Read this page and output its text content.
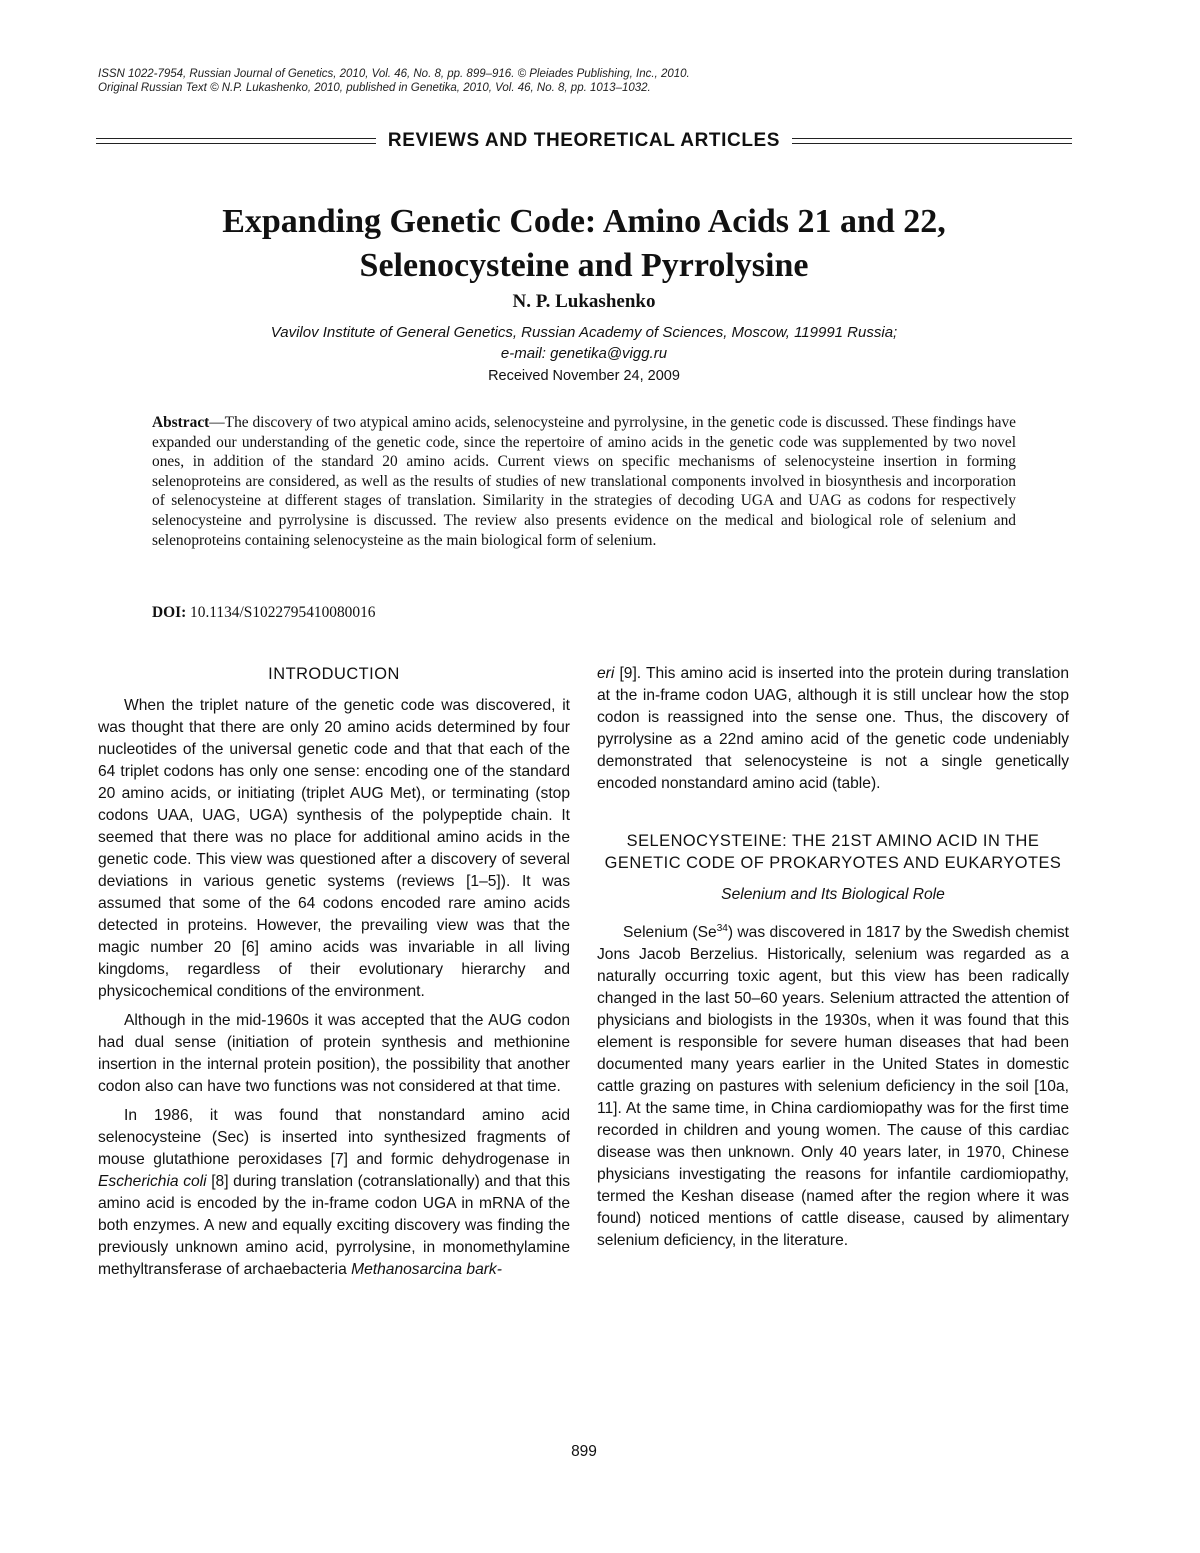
ISSN 1022-7954, Russian Journal of Genetics, 2010, Vol. 46, No. 8, pp. 899–916. © Pleiades Publishing, Inc., 2010.
Original Russian Text © N.P. Lukashenko, 2010, published in Genetika, 2010, Vol. 46, No. 8, pp. 1013–1032.
REVIEWS AND THEORETICAL ARTICLES
Expanding Genetic Code: Amino Acids 21 and 22,
Selenocysteine and Pyrrolysine
N. P. Lukashenko
Vavilov Institute of General Genetics, Russian Academy of Sciences, Moscow, 119991 Russia;
e-mail: genetika@vigg.ru
Received November 24, 2009
Abstract—The discovery of two atypical amino acids, selenocysteine and pyrrolysine, in the genetic code is discussed. These findings have expanded our understanding of the genetic code, since the repertoire of amino acids in the genetic code was supplemented by two novel ones, in addition of the standard 20 amino acids. Current views on specific mechanisms of selenocysteine insertion in forming selenoproteins are considered, as well as the results of studies of new translational components involved in biosynthesis and incorporation of selenocysteine at different stages of translation. Similarity in the strategies of decoding UGA and UAG as codons for respectively selenocysteine and pyrrolysine is discussed. The review also presents evidence on the medical and biological role of selenium and selenoproteins containing selenocysteine as the main biological form of selenium.
DOI: 10.1134/S1022795410080016
INTRODUCTION

When the triplet nature of the genetic code was discovered, it was thought that there are only 20 amino acids determined by four nucleotides of the universal genetic code and that that each of the 64 triplet codons has only one sense: encoding one of the standard 20 amino acids, or initiating (triplet AUG Met), or terminating (stop codons UAA, UAG, UGA) synthesis of the polypeptide chain. It seemed that there was no place for additional amino acids in the genetic code. This view was questioned after a discovery of several deviations in various genetic systems (reviews [1–5]). It was assumed that some of the 64 codons encoded rare amino acids detected in proteins. However, the prevailing view was that the magic number 20 [6] amino acids was invariable in all living kingdoms, regardless of their evolutionary hierarchy and physicochemical conditions of the environment.

Although in the mid-1960s it was accepted that the AUG codon had dual sense (initiation of protein synthesis and methionine insertion in the internal protein position), the possibility that another codon also can have two functions was not considered at that time.

In 1986, it was found that nonstandard amino acid selenocysteine (Sec) is inserted into synthesized fragments of mouse glutathione peroxidases [7] and formic dehydrogenase in Escherichia coli [8] during translation (cotranslationally) and that this amino acid is encoded by the in-frame codon UGA in mRNA of the both enzymes. A new and equally exciting discovery was finding the previously unknown amino acid, pyrrolysine, in monomethylamine methyltransferase of archaebacteria Methanosarcina bark-

eri [9]. This amino acid is inserted into the protein during translation at the in-frame codon UAG, although it is still unclear how the stop codon is reassigned into the sense one. Thus, the discovery of pyrrolysine as a 22nd amino acid of the genetic code undeniably demonstrated that selenocysteine is not a single genetically encoded nonstandard amino acid (table).

SELENOCYSTEINE: THE 21ST AMINO ACID IN THE GENETIC CODE OF PROKARYOTES AND EUKARYOTES
Selenium and Its Biological Role

Selenium (Se$^{34}$) was discovered in 1817 by the Swedish chemist Jons Jacob Berzelius. Historically, selenium was regarded as a naturally occurring toxic agent, but this view has been radically changed in the last 50–60 years. Selenium attracted the attention of physicians and biologists in the 1930s, when it was found that this element is responsible for severe human diseases that had been documented many years earlier in the United States in domestic cattle grazing on pastures with selenium deficiency in the soil [10a, 11]. At the same time, in China cardiomiopathy was for the first time recorded in children and young women. The cause of this cardiac disease was then unknown. Only 40 years later, in 1970, Chinese physicians investigating the reasons for infantile cardiomiopathy, termed the Keshan disease (named after the region where it was found) noticed mentions of cattle disease, caused by alimentary selenium deficiency, in the literature.

899
